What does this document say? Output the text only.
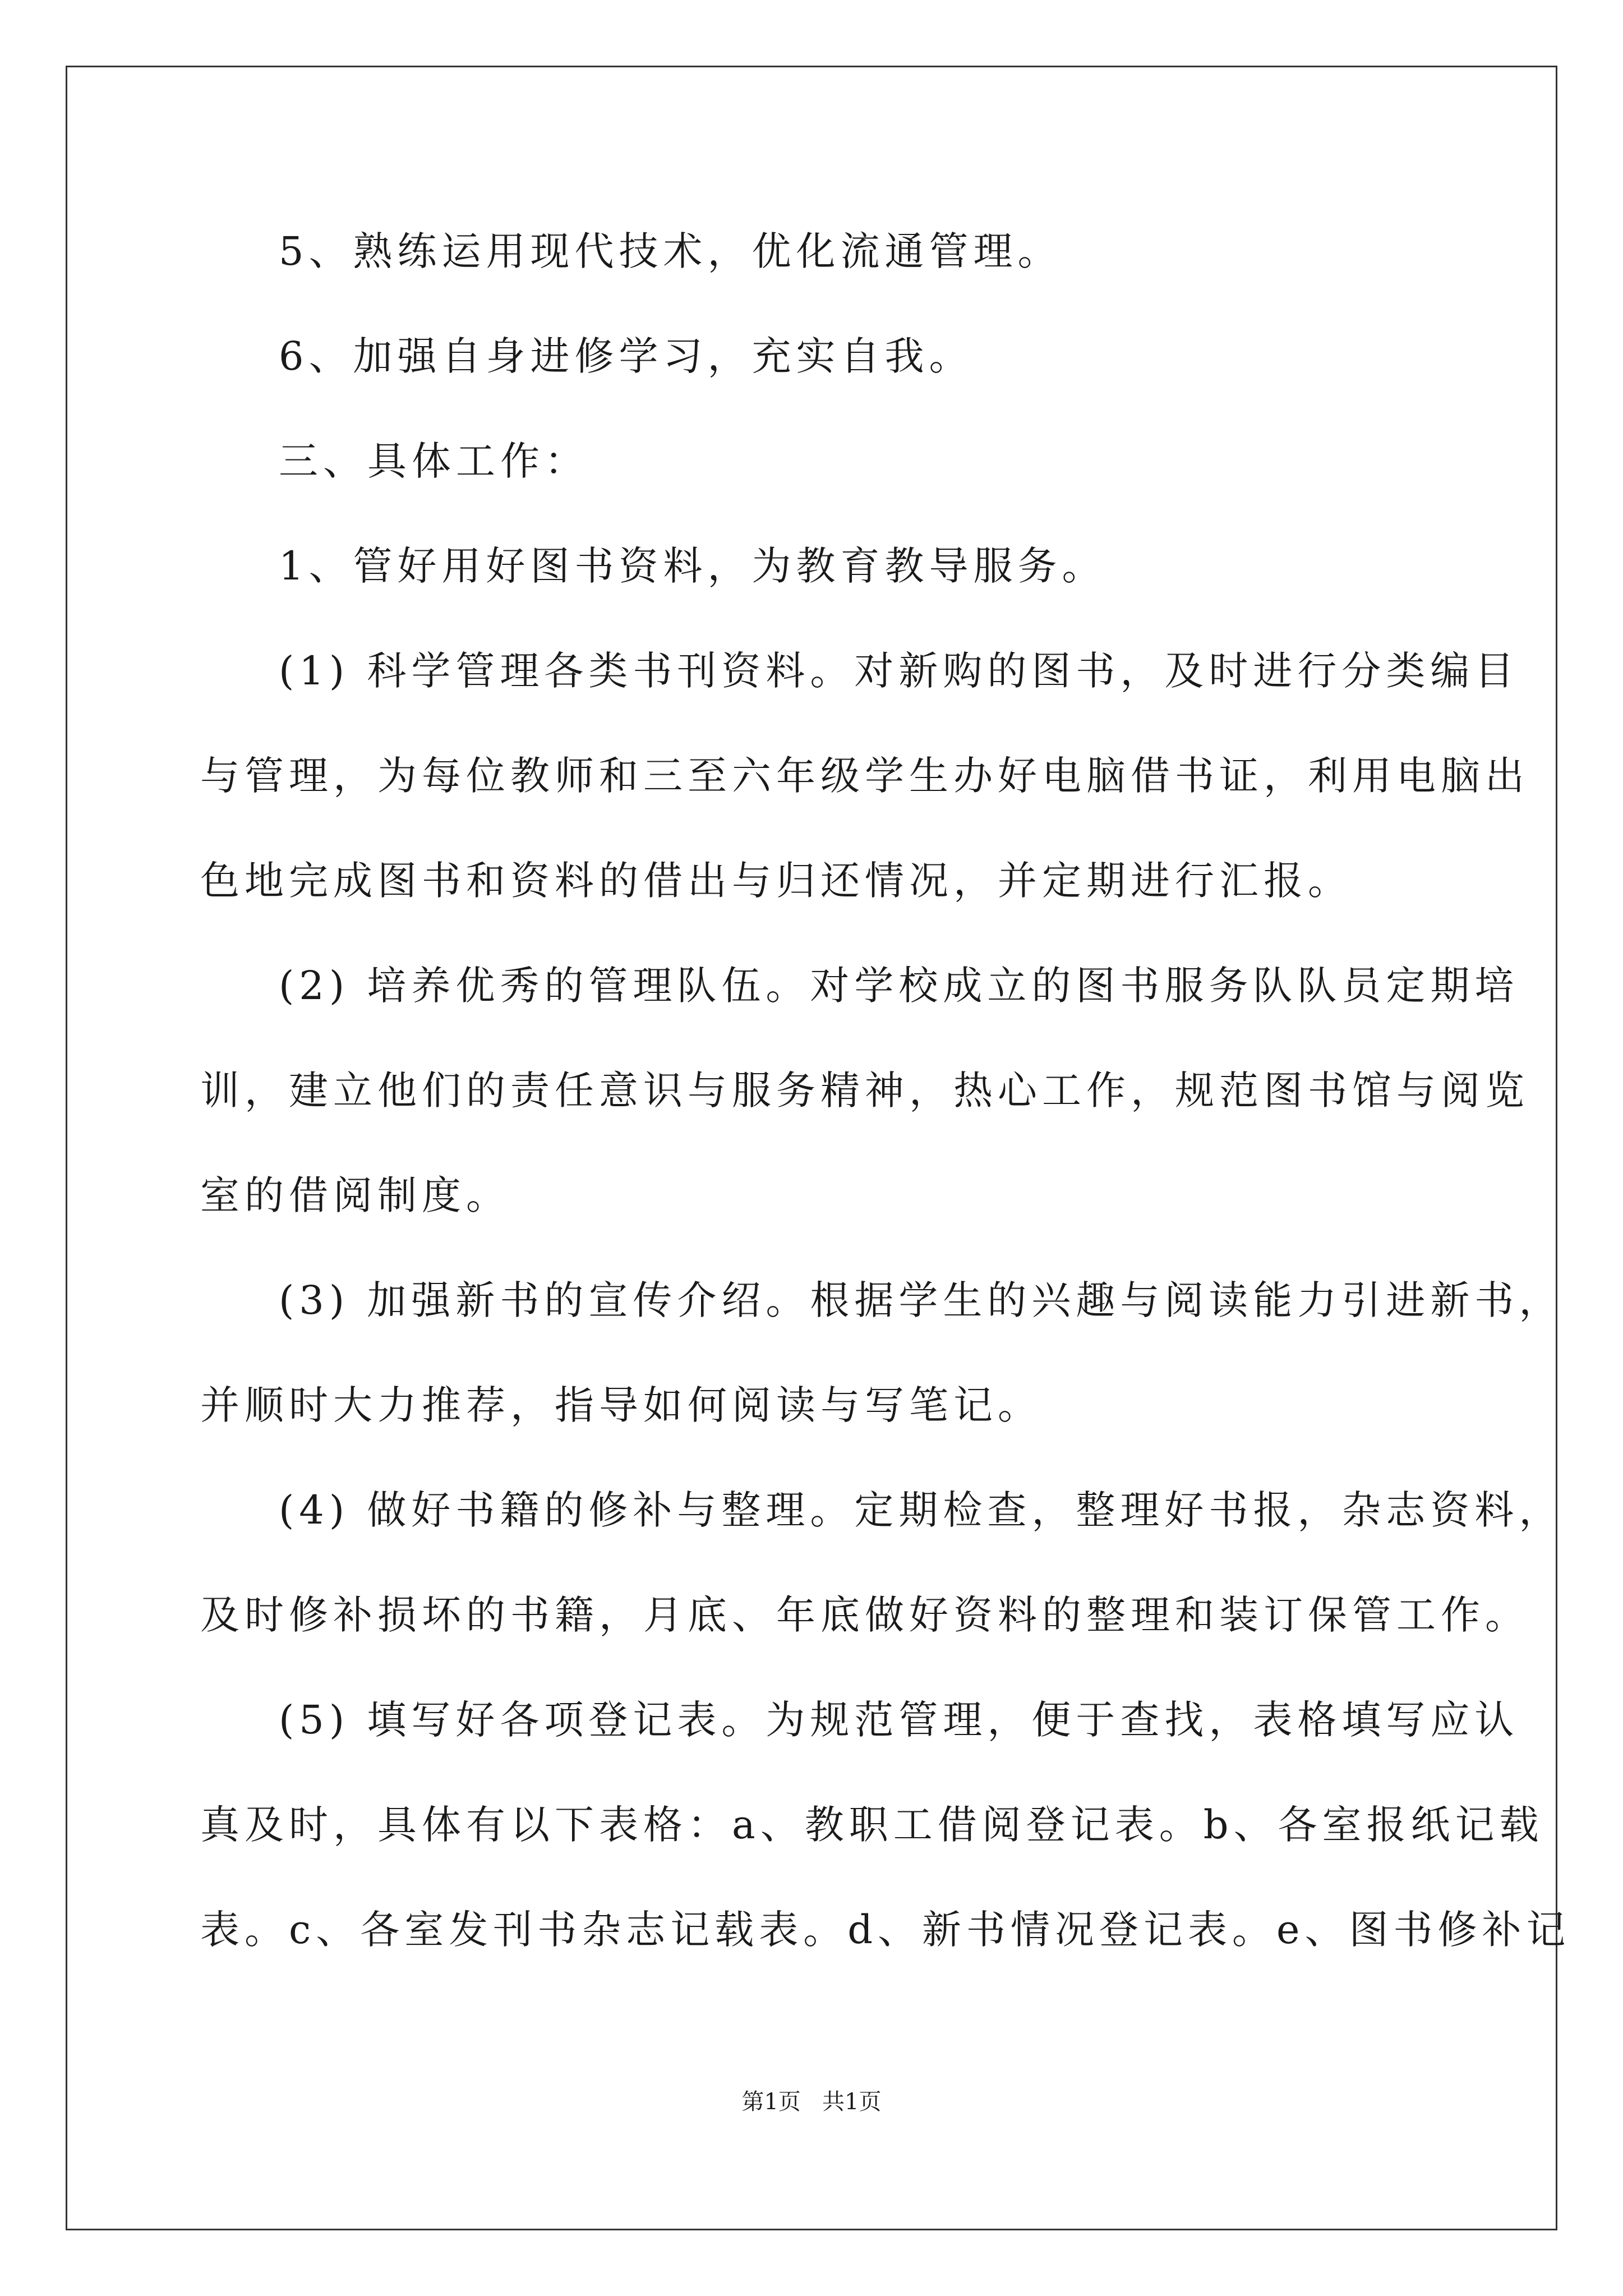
5、熟练运用现代技术，优化流通管理。
6、加强自身进修学习，充实自我。
三、具体工作：
1、管好用好图书资料，为教育教导服务。
(1) 科学管理各类书刊资料。对新购的图书，及时进行分类编目
与管理，为每位教师和三至六年级学生办好电脑借书证，利用电脑出
色地完成图书和资料的借出与归还情况，并定期进行汇报。
(2) 培养优秀的管理队伍。对学校成立的图书服务队队员定期培
训，建立他们的责任意识与服务精神，热心工作，规范图书馆与阅览
室的借阅制度。
(3) 加强新书的宣传介绍。根据学生的兴趣与阅读能力引进新书，
并顺时大力推荐，指导如何阅读与写笔记。
(4) 做好书籍的修补与整理。定期检查，整理好书报，杂志资料，
及时修补损坏的书籍，月底、年底做好资料的整理和装订保管工作。
(5) 填写好各项登记表。为规范管理，便于查找，表格填写应认
真及时，具体有以下表格：a、教职工借阅登记表。b、各室报纸记载
表。c、各室发刊书杂志记载表。d、新书情况登记表。e、图书修补记
第1页   共1页
